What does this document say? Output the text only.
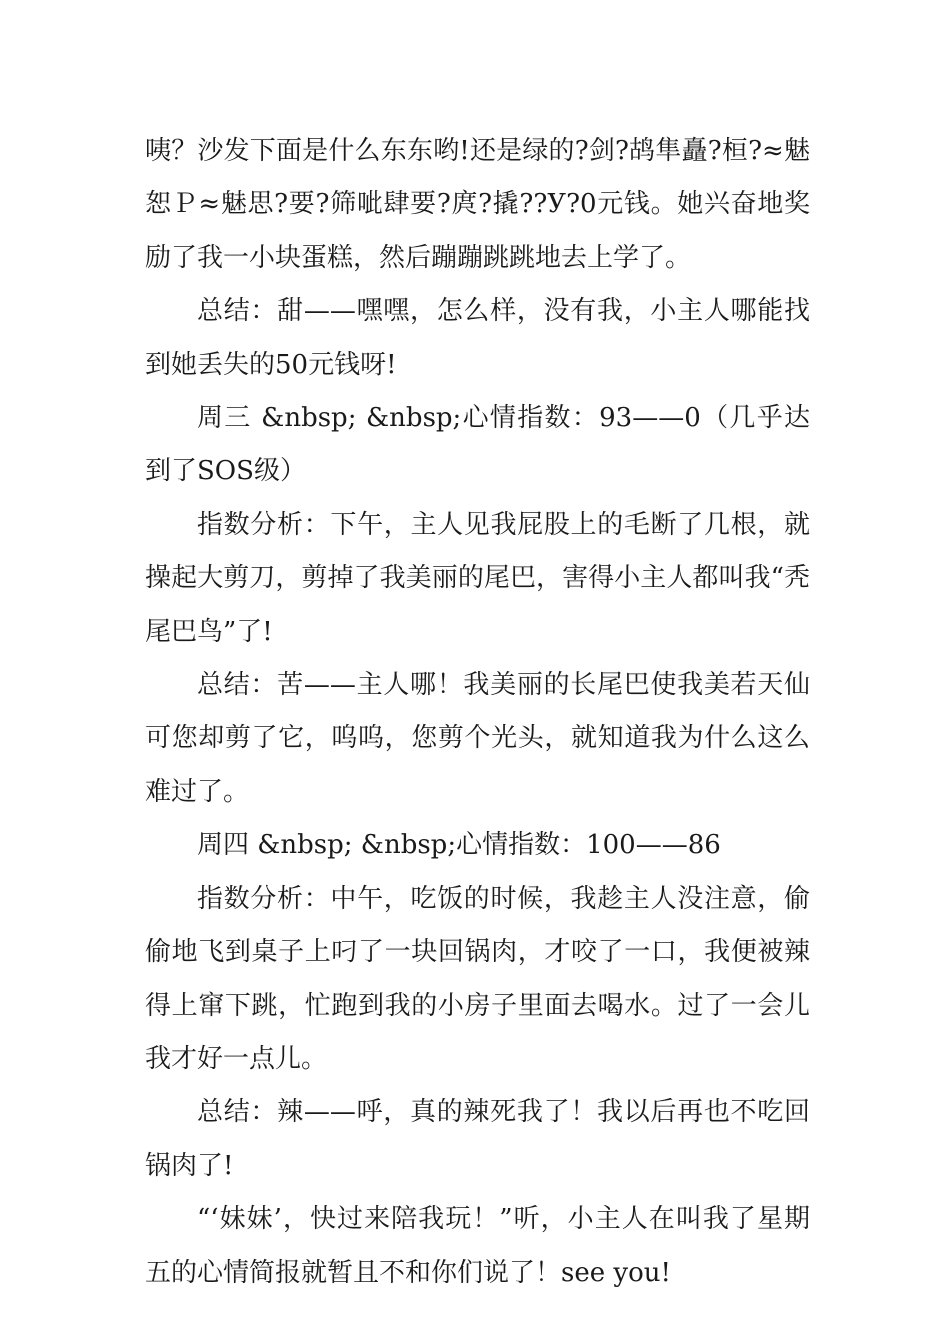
咦？沙发下面是什么东东哟!还是绿的?剑?鸪隼矗?桓?≈魅恕Ｐ≈魅思?要?筛呲肆要?庹?撬??У?0元钱。她兴奋地奖励了我一小块蛋糕，然后蹦蹦跳跳地去上学了。

总结：甜——嘿嘿，怎么样，没有我，小主人哪能找到她丢失的50元钱呀!

周三 &nbsp; &nbsp;心情指数：93——0（几乎达到了SOS级）

指数分析：下午，主人见我屁股上的毛断了几根，就操起大剪刀，剪掉了我美丽的尾巴，害得小主人都叫我“秃尾巴鸟”了!

总结：苦——主人哪！我美丽的长尾巴使我美若天仙可您却剪了它，呜呜，您剪个光头，就知道我为什么这么难过了。

周四 &nbsp; &nbsp;心情指数：100——86

指数分析：中午，吃饭的时候，我趁主人没注意，偷偷地飞到桌子上叼了一块回锅肉，才咬了一口，我便被辣得上窜下跳，忙跑到我的小房子里面去喝水。过了一会儿我才好一点儿。

总结：辣——呼，真的辣死我了！我以后再也不吃回锅肉了!

“‘妹妹’，快过来陪我玩！”听，小主人在叫我了星期五的心情简报就暂且不和你们说了！see you!
